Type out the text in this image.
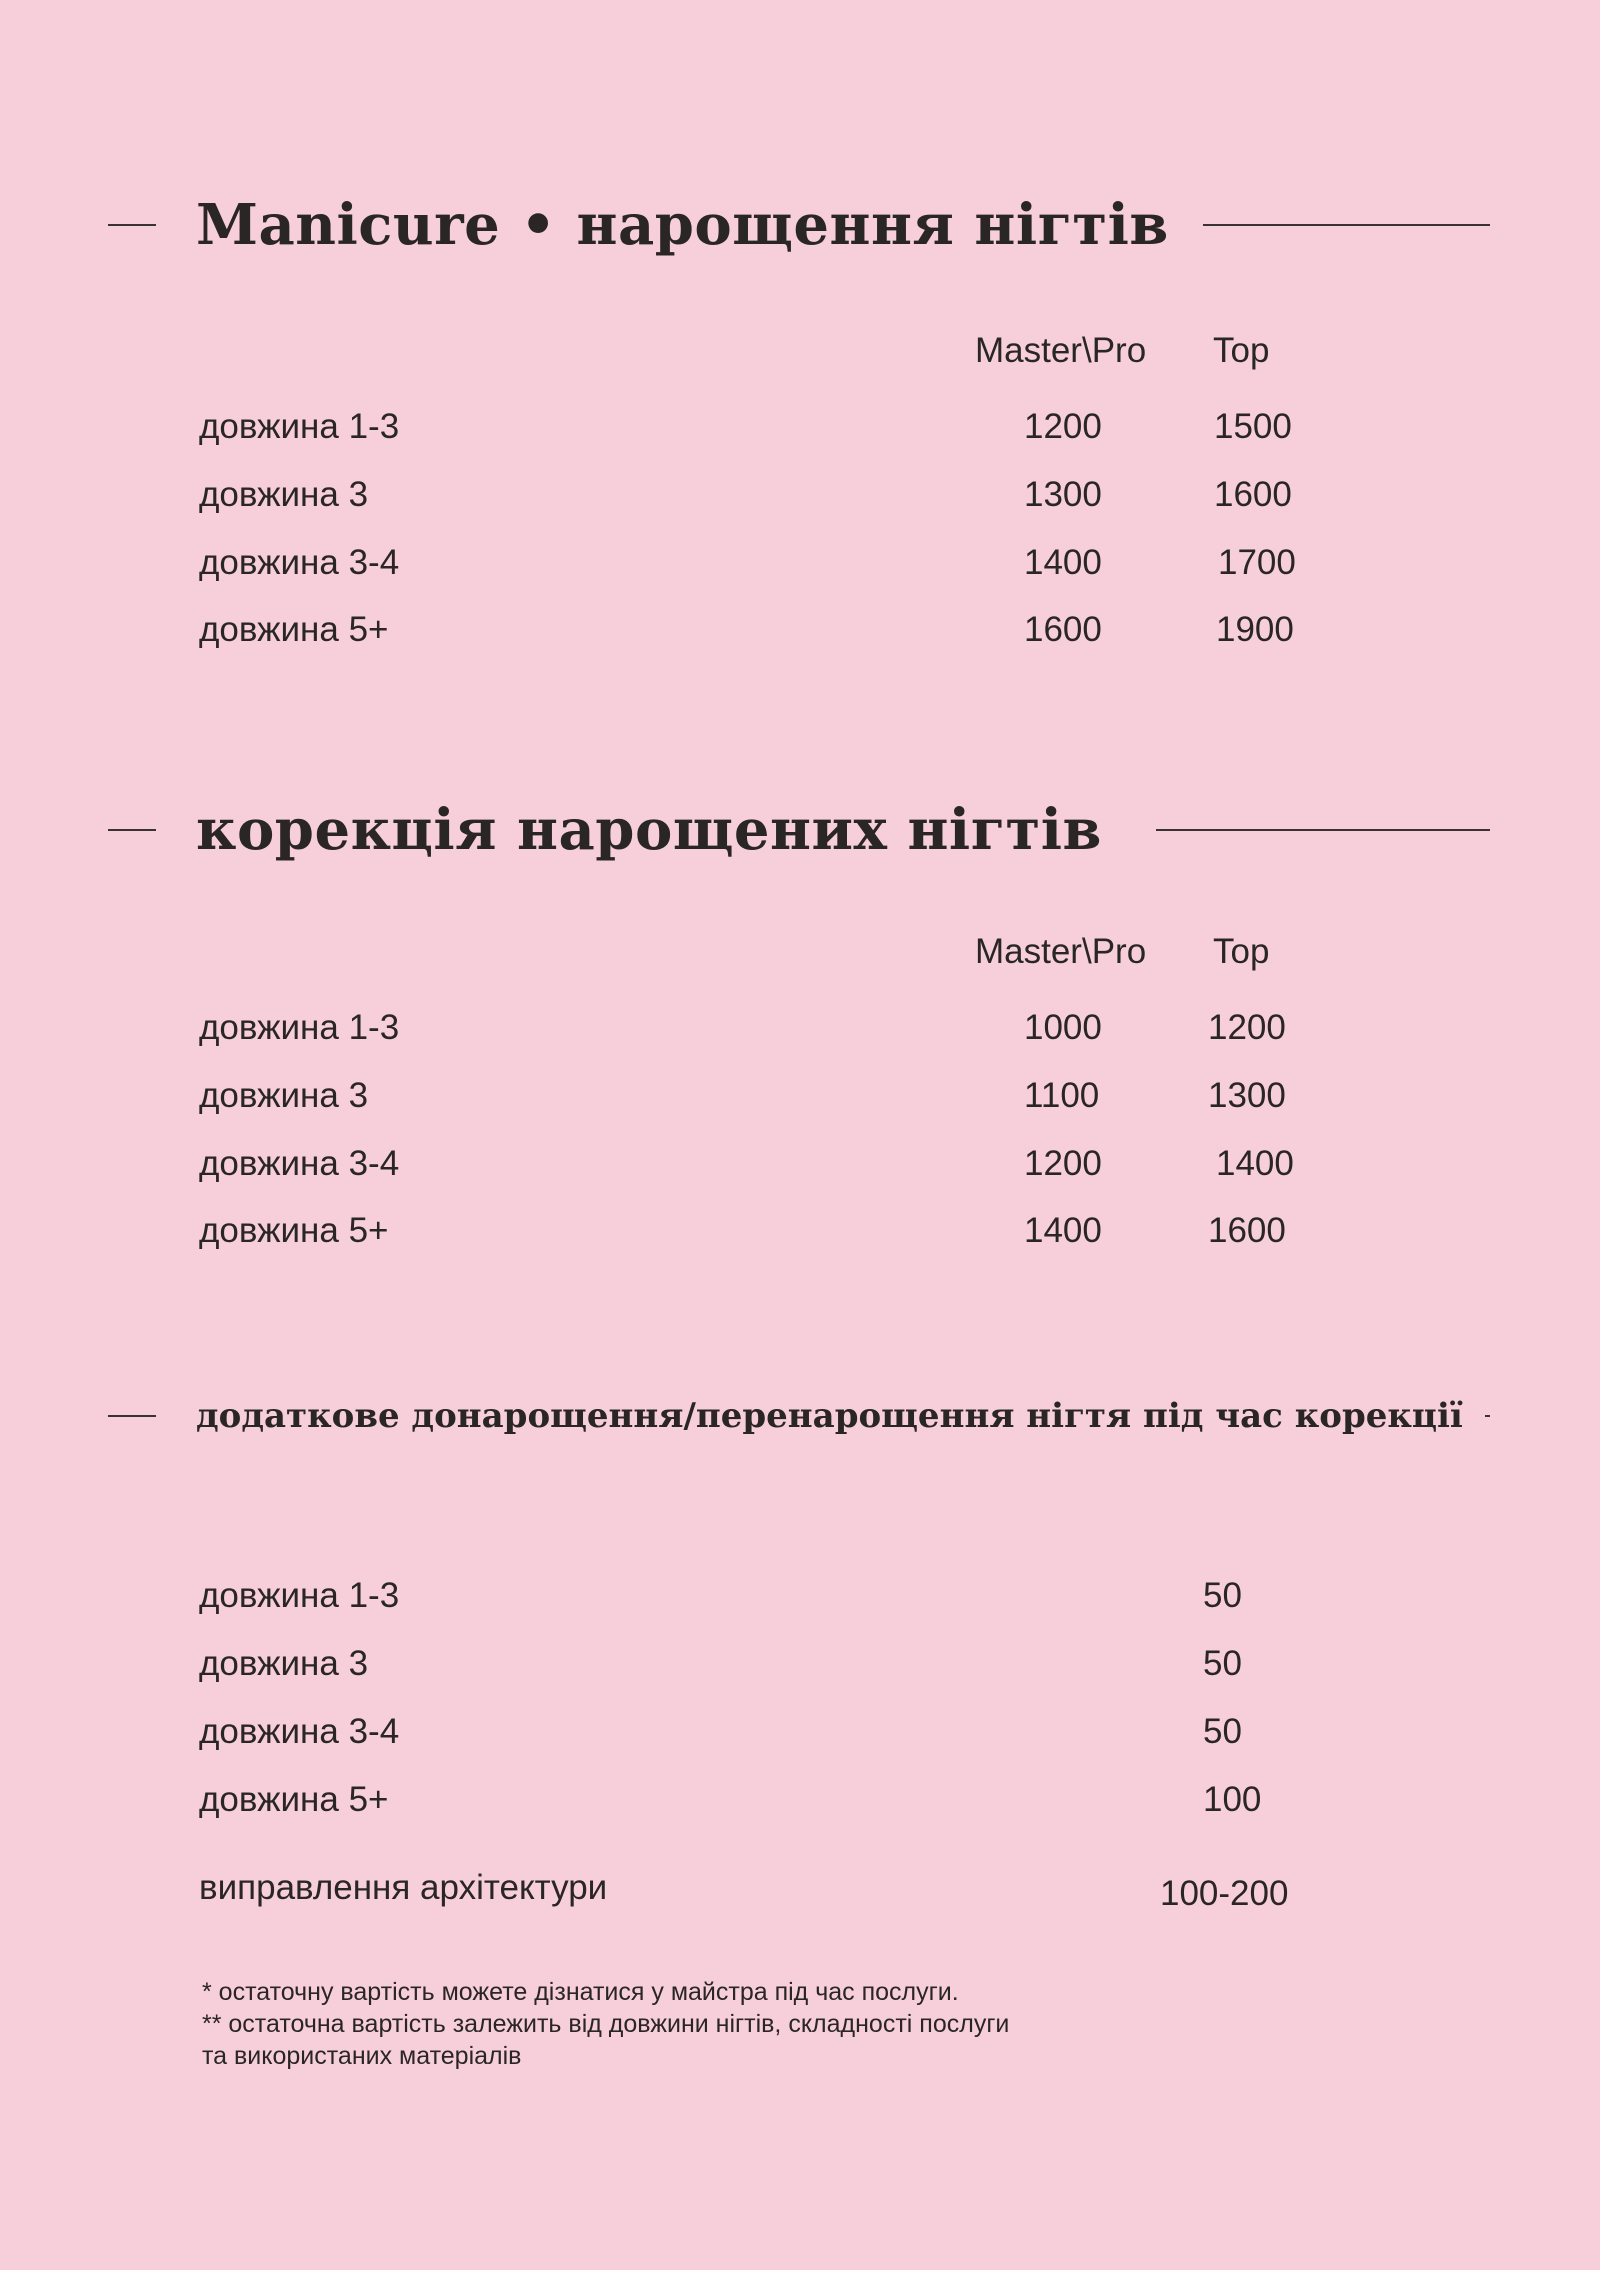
Manicure • нарощення нігтів
Master\Pro Top
довжина 1-3	1200	1500
довжина 3	1300	1600
довжина 3-4	1400	1700
довжина 5+	1600	1900
корекція нарощених нігтів
Master\Pro Top
довжина 1-3	1000	1200
довжина 3	1100	1300
довжина 3-4	1200	1400
довжина 5+	1400	1600
додаткове донарощення/перенарощення нігтя під час корекції
довжина 1-3	50
довжина 3	50
довжина 3-4	50
довжина 5+	100
виправлення архітектури	100-200
* остаточну вартість можете дізнатися у майстра під час послуги.
** остаточна вартість залежить від довжини нігтів, складності послуги
та використаних матеріалів
